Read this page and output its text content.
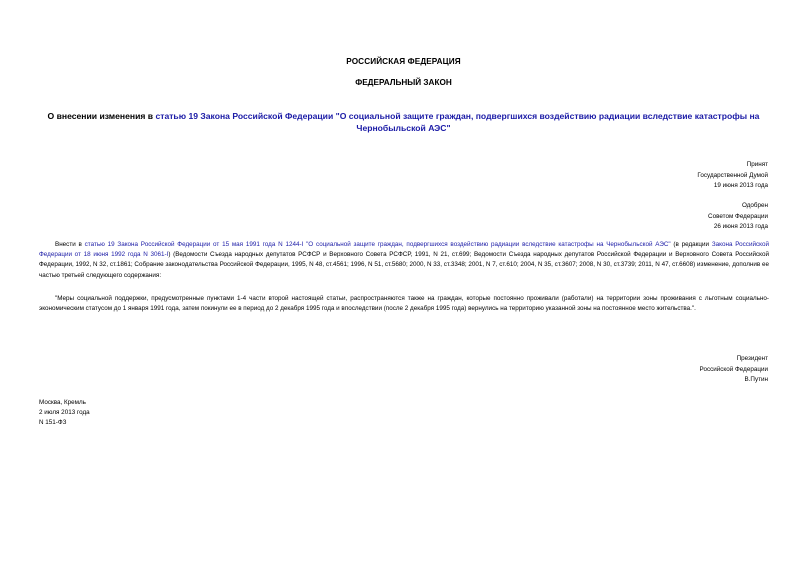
РОССИЙСКАЯ ФЕДЕРАЦИЯ
ФЕДЕРАЛЬНЫЙ ЗАКОН
О внесении изменения в статью 19 Закона Российской Федерации "О социальной защите граждан, подвергшихся воздействию радиации вследствие катастрофы на Чернобыльской АЭС"
Принят
Государственной Думой
19 июня 2013 года
Одобрен
Советом Федерации
26 июня 2013 года
Внести в статью 19 Закона Российской Федерации от 15 мая 1991 года N 1244-I "О социальной защите граждан, подвергшихся воздействию радиации вследствие катастрофы на Чернобыльской АЭС" (в редакции Закона Российской Федерации от 18 июня 1992 года N 3061-I) (Ведомости Съезда народных депутатов РСФСР и Верховного Совета РСФСР, 1991, N 21, ст.699; Ведомости Съезда народных депутатов Российской Федерации и Верховного Совета Российской Федерации, 1992, N 32, ст.1861; Собрание законодательства Российской Федерации, 1995, N 48, ст.4561; 1996, N 51, ст.5680; 2000, N 33, ст.3348; 2001, N 7, ст.610; 2004, N 35, ст.3607; 2008, N 30, ст.3739; 2011, N 47, ст.6608) изменение, дополнив ее частью третьей следующего содержания:
"Меры социальной поддержки, предусмотренные пунктами 1-4 части второй настоящей статьи, распространяются также на граждан, которые постоянно проживали (работали) на территории зоны проживания с льготным социально-экономическим статусом до 1 января 1991 года, затем покинули ее в период до 2 декабря 1995 года и впоследствии (после 2 декабря 1995 года) вернулись на территорию указанной зоны на постоянное место жительства.".
Президент
Российской Федерации
В.Путин
Москва, Кремль
2 июля 2013 года
N 151-ФЗ
